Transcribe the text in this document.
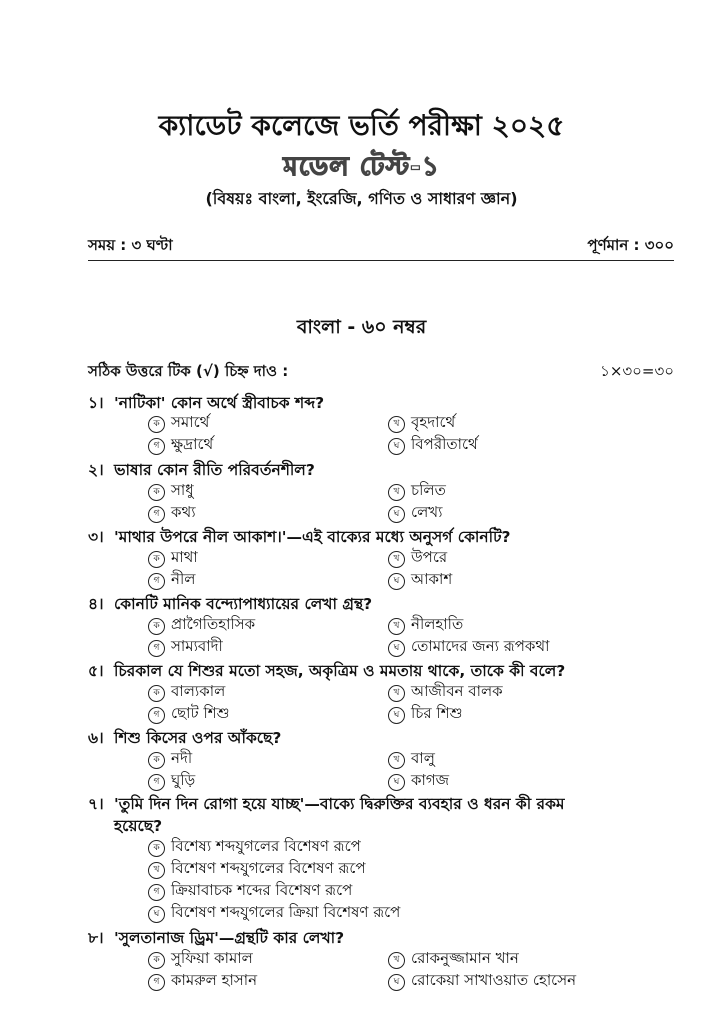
ক্যাডেট কলেজে ভর্তি পরীক্ষা ২০২৫
মডেল টেস্ট-১
(বিষয়ঃ বাংলা, ইংরেজি, গণিত ও সাধারণ জ্ঞান)
সময় : ৩ ঘণ্টা	পূর্ণমান : ৩০০
বাংলা - ৬০ নম্বর
সঠিক উত্তরে টিক (√) চিহ্ন দাও :	১×৩০=৩০
১। 'নাটিকা' কোন অর্থে স্ত্রীবাচক শব্দ?
ক সমার্থে	খ বৃহদার্থে
গ ক্ষুদ্রার্থে	ঘ বিপরীতার্থে
২। ভাষার কোন রীতি পরিবর্তনশীল?
ক সাধু	খ চলিত
গ কথ্য	ঘ লেখ্য
৩। 'মাথার উপরে নীল আকাশ।'—এই বাক্যের মধ্যে অনুসর্গ কোনটি?
ক মাথা	খ উপরে
গ নীল	ঘ আকাশ
৪। কোনটি মানিক বন্দ্যোপাধ্যায়ের লেখা গ্রন্থ?
ক প্রাগৈতিহাসিক	খ নীলহাতি
গ সাম্যবাদী	ঘ তোমাদের জন্য রূপকথা
৫। চিরকাল যে শিশুর মতো সহজ, অকৃত্রিম ও মমতায় থাকে, তাকে কী বলে?
ক বাল্যকাল	খ আজীবন বালক
গ ছোট শিশু	ঘ চির শিশু
৬। শিশু কিসের ওপর আঁকছে?
ক নদী	খ বালু
গ ঘুড়ি	ঘ কাগজ
৭। 'তুমি দিন দিন রোগা হয়ে যাচ্ছ'—বাক্যে দ্বিরুক্তির ব্যবহার ও ধরন কী রকম
হয়েছে?
ক বিশেষ্য শব্দযুগলের বিশেষণ রূপে
খ বিশেষণ শব্দযুগলের বিশেষণ রূপে
গ ক্রিয়াবাচক শব্দের বিশেষণ রূপে
ঘ বিশেষণ শব্দযুগলের ক্রিয়া বিশেষণ রূপে
৮। 'সুলতানাজ ড্রিম'—গ্রন্থটি কার লেখা?
ক সুফিয়া কামাল	খ রোকনুজ্জামান খান
গ কামরুল হাসান	ঘ রোকেয়া সাখাওয়াত হোসেন
